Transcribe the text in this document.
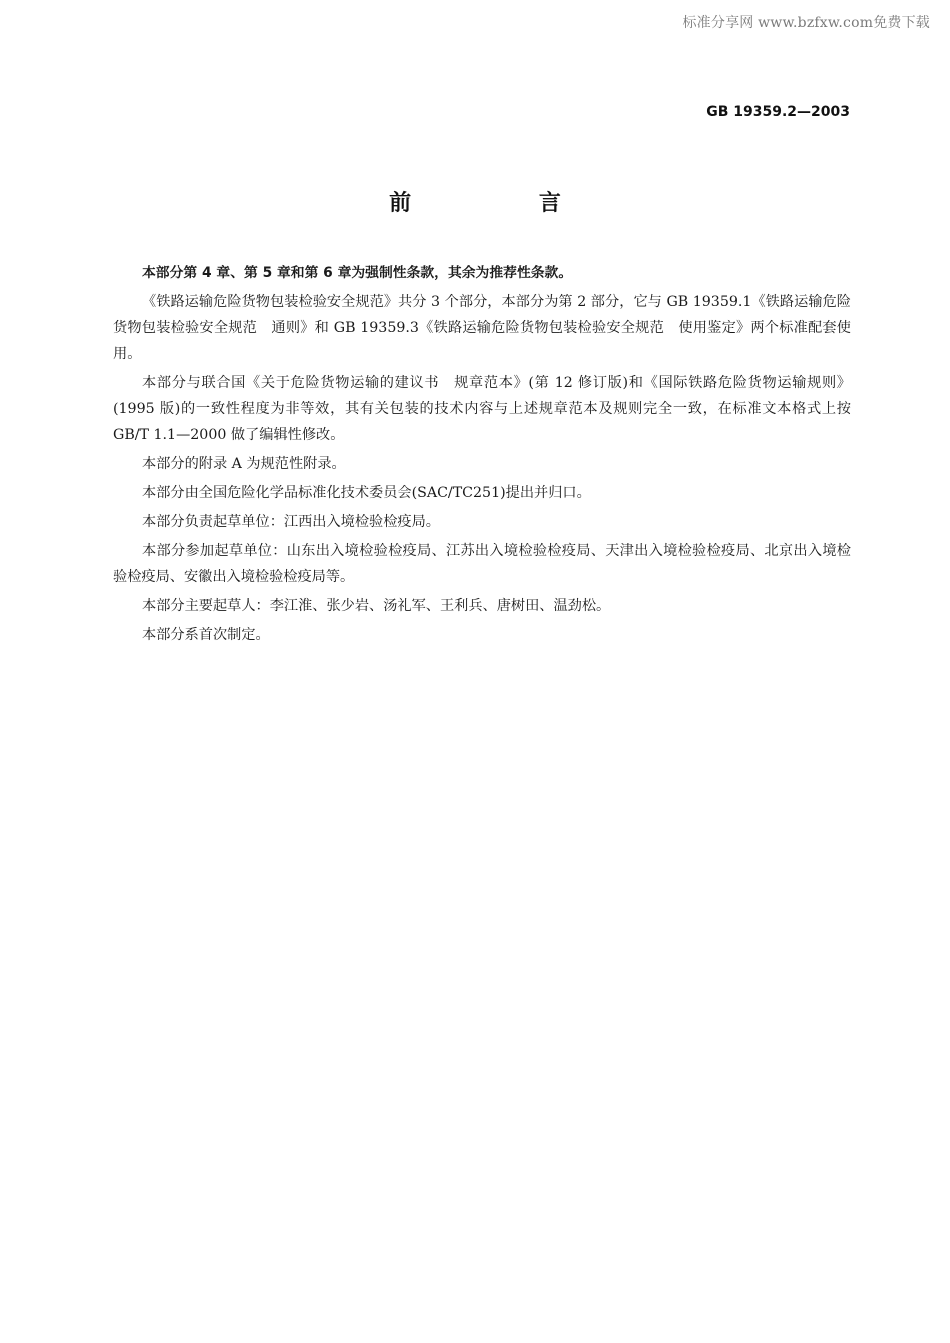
标准分享网 www.bzfxw.com免费下载
GB 19359.2—2003
前 言

本部分第 4 章、第 5 章和第 6 章为强制性条款，其余为推荐性条款。

《铁路运输危险货物包装检验安全规范》共分 3 个部分，本部分为第 2 部分，它与 GB 19359.1《铁路运输危险货物包装检验安全规范　通则》和 GB 19359.3《铁路运输危险货物包装检验安全规范　使用鉴定》两个标准配套使用。

本部分与联合国《关于危险货物运输的建议书　规章范本》(第 12 修订版)和《国际铁路危险货物运输规则》(1995 版)的一致性程度为非等效，其有关包装的技术内容与上述规章范本及规则完全一致，在标准文本格式上按 GB/T 1.1—2000 做了编辑性修改。

本部分的附录 A 为规范性附录。

本部分由全国危险化学品标准化技术委员会(SAC/TC251)提出并归口。

本部分负责起草单位：江西出入境检验检疫局。

本部分参加起草单位：山东出入境检验检疫局、江苏出入境检验检疫局、天津出入境检验检疫局、北京出入境检验检疫局、安徽出入境检验检疫局等。

本部分主要起草人：李江淮、张少岩、汤礼军、王利兵、唐树田、温劲松。

本部分系首次制定。
